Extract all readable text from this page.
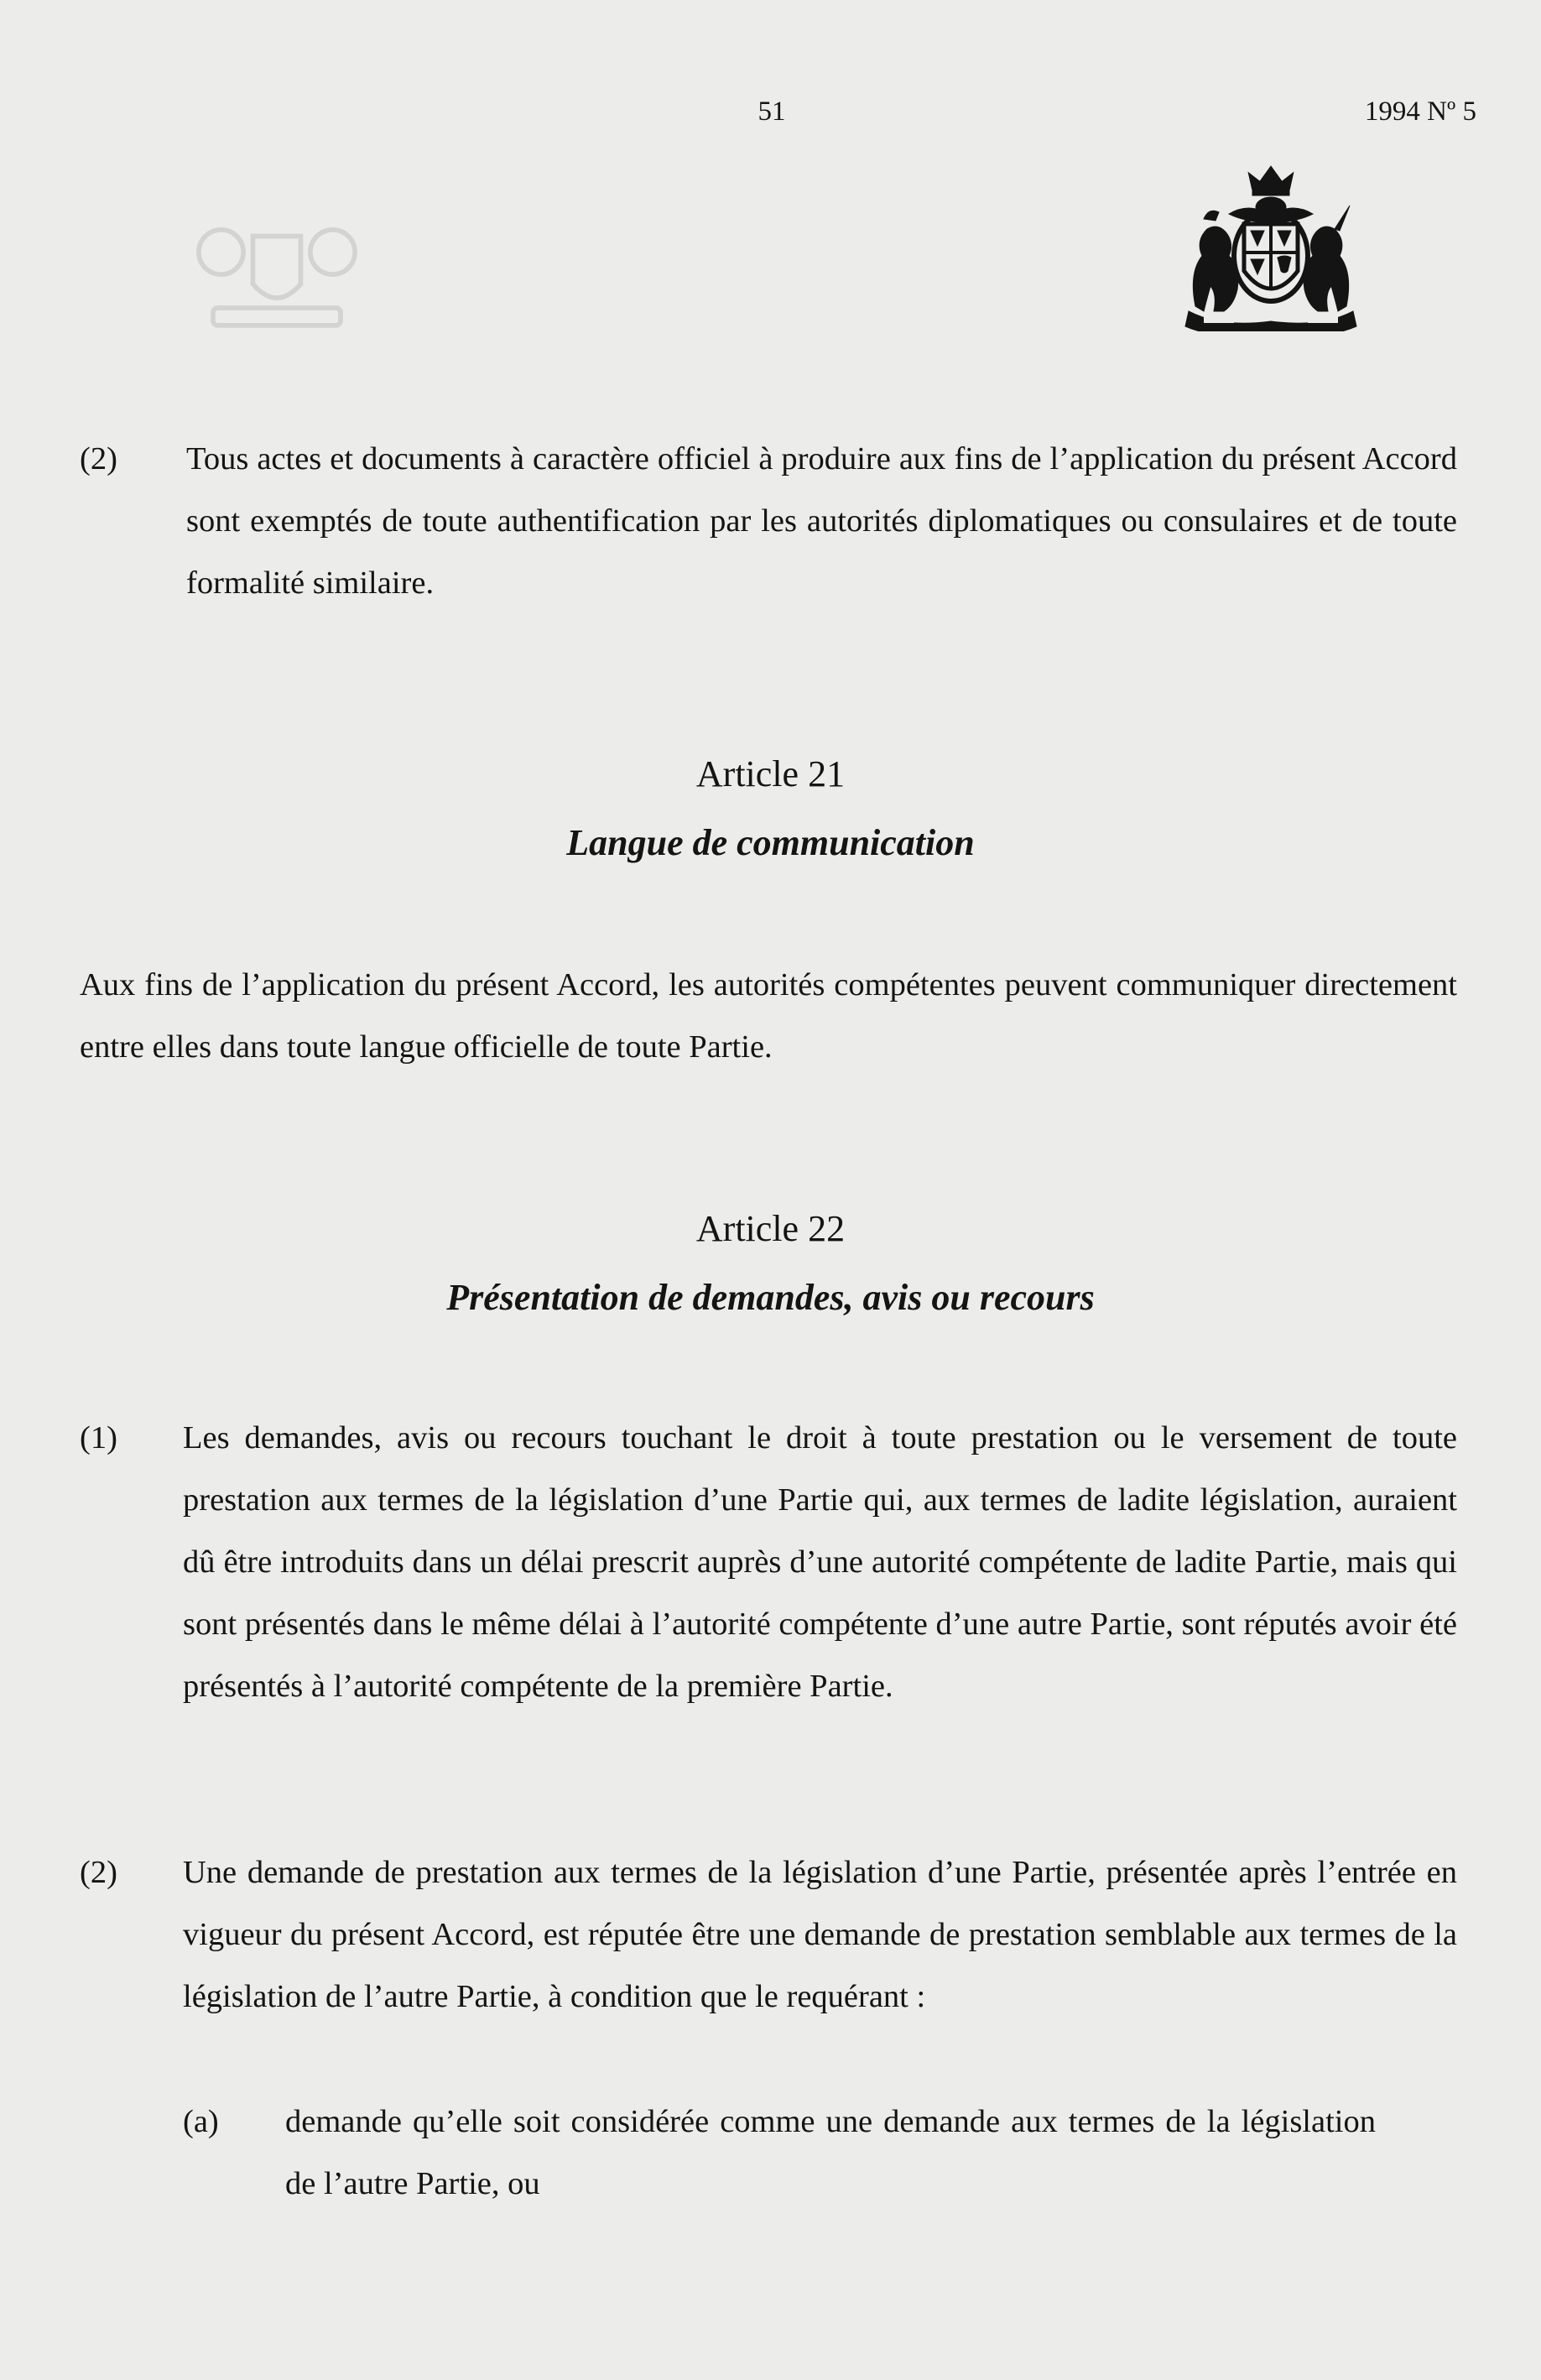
51	1994 Nº 5
(2) Tous actes et documents à caractère officiel à produire aux fins de l’application du présent Accord sont exemptés de toute authentification par les autorités diplomatiques ou consulaires et de toute formalité similaire.
Article 21
Langue de communication
Aux fins de l’application du présent Accord, les autorités compétentes peuvent communiquer directement entre elles dans toute langue officielle de toute Partie.
Article 22
Présentation de demandes, avis ou recours
(1) Les demandes, avis ou recours touchant le droit à toute prestation ou le versement de toute prestation aux termes de la législation d’une Partie qui, aux termes de ladite législation, auraient dû être introduits dans un délai prescrit auprès d’une autorité compétente de ladite Partie, mais qui sont présentés dans le même délai à l’autorité compétente d’une autre Partie, sont réputés avoir été présentés à l’autorité compétente de la première Partie.
(2) Une demande de prestation aux termes de la législation d’une Partie, présentée après l’entrée en vigueur du présent Accord, est réputée être une demande de prestation semblable aux termes de la législation de l’autre Partie, à condition que le requérant :
(a) demande qu’elle soit considérée comme une demande aux termes de la législation de l’autre Partie, ou
